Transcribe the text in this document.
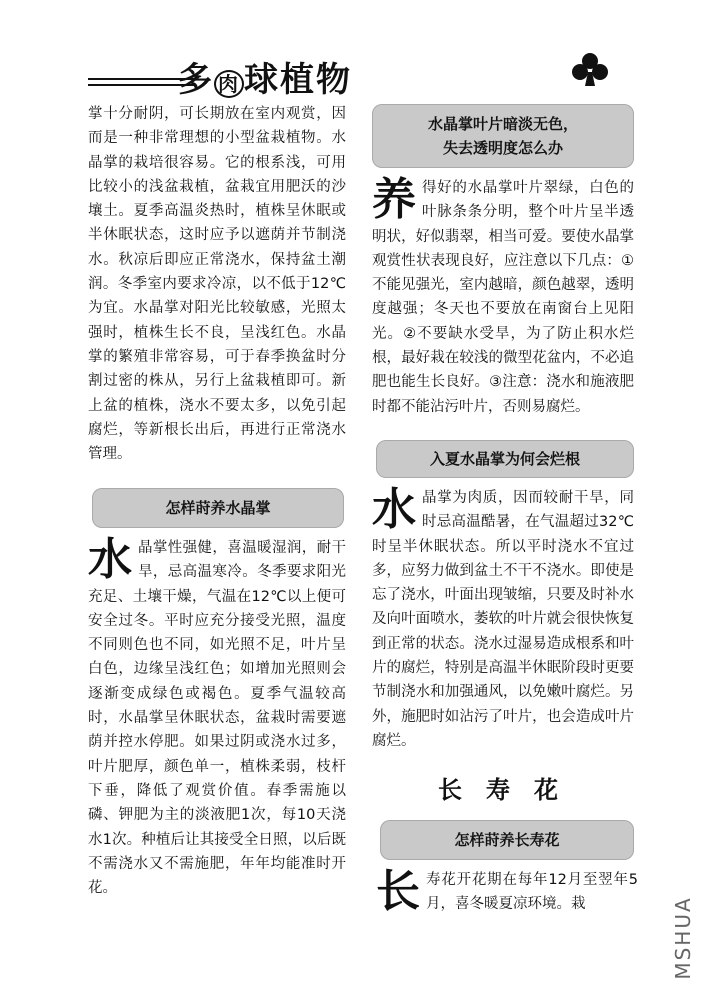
多肉 球植物

掌十分耐阴，可长期放在室内观赏，因而是一种非常理想的小型盆栽植物。水晶掌的栽培很容易。它的根系浅，可用比较小的浅盆栽植，盆栽宜用肥沃的沙壤土。夏季高温炎热时，植株呈休眠或半休眠状态，这时应予以遮荫并节制浇水。秋凉后即应正常浇水，保持盆土潮润。冬季室内要求冷凉，以不低于12℃为宜。水晶掌对阳光比较敏感，光照太强时，植株生长不良，呈浅红色。水晶掌的繁殖非常容易，可于春季换盆时分割过密的株从，另行上盆栽植即可。新上盆的植株，浇水不要太多，以免引起腐烂，等新根长出后，再进行正常浇水管理。

怎样莳养水晶掌

水晶掌性强健，喜温暖湿润，耐干旱，忌高温寒冷。冬季要求阳光充足、土壤干燥，气温在12℃以上便可安全过冬。平时应充分接受光照，温度不同则色也不同，如光照不足，叶片呈白色，边缘呈浅红色；如增加光照则会逐渐变成绿色或褐色。夏季气温较高时，水晶掌呈休眠状态，盆栽时需要遮荫并控水停肥。如果过阴或浇水过多，叶片肥厚，颜色单一，植株柔弱，枝杆下垂，降低了观赏价值。春季需施以磷、钾肥为主的淡液肥1次，每10天浇水1次。种植后让其接受全日照，以后既不需浇水又不需施肥，年年均能准时开花。

水晶掌叶片暗淡无色，
失去透明度怎么办

养得好的水晶掌叶片翠绿，白色的叶脉条条分明，整个叶片呈半透明状，好似翡翠，相当可爱。要使水晶掌观赏性状表现良好，应注意以下几点：①不能见强光，室内越暗，颜色越翠，透明度越强；冬天也不要放在南窗台上见阳光。②不要缺水受旱，为了防止积水烂根，最好栽在较浅的微型花盆内，不必追肥也能生长良好。③注意：浇水和施液肥时都不能沾污叶片，否则易腐烂。

入夏水晶掌为何会烂根

水晶掌为肉质，因而较耐干旱，同时忌高温酷暑，在气温超过32℃时呈半休眠状态。所以平时浇水不宜过多，应努力做到盆土不干不浇水。即使是忘了浇水，叶面出现皱缩，只要及时补水及向叶面喷水，萎软的叶片就会很快恢复到正常的状态。浇水过湿易造成根系和叶片的腐烂，特别是高温半休眠阶段时更要节制浇水和加强通风，以免嫩叶腐烂。另外，施肥时如沾污了叶片，也会造成叶片腐烂。

长寿花
怎样莳养长寿花

长寿花开花期在每年12月至翌年5月，喜冬暖夏凉环境。栽	MSHUA
